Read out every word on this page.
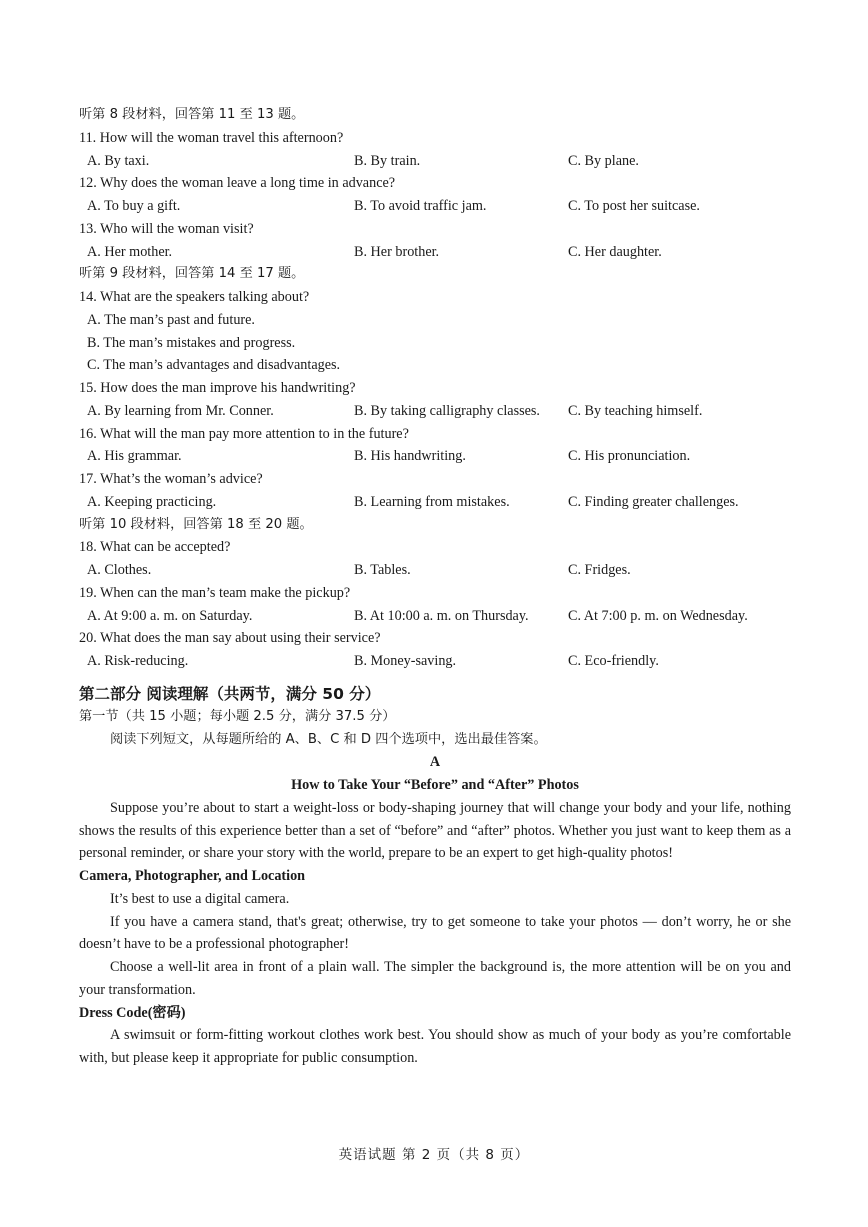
听第 8 段材料，回答第 11 至 13 题。
11. How will the woman travel this afternoon?
A. By taxi.	B. By train.	C. By plane.
12. Why does the woman leave a long time in advance?
A. To buy a gift.	B. To avoid traffic jam.	C. To post her suitcase.
13. Who will the woman visit?
A. Her mother.	B. Her brother.	C. Her daughter.
听第 9 段材料，回答第 14 至 17 题。
14. What are the speakers talking about?
A. The man’s past and future.
B. The man’s mistakes and progress.
C. The man’s advantages and disadvantages.
15. How does the man improve his handwriting?
A. By learning from Mr. Conner.	B. By taking calligraphy classes.	C. By teaching himself.
16. What will the man pay more attention to in the future?
A. His grammar.	B. His handwriting.	C. His pronunciation.
17. What’s the woman’s advice?
A. Keeping practicing.	B. Learning from mistakes.	C. Finding greater challenges.
听第 10 段材料，回答第 18 至 20 题。
18. What can be accepted?
A. Clothes.	B. Tables.	C. Fridges.
19. When can the man’s team make the pickup?
A. At 9:00 a. m. on Saturday.	B. At 10:00 a. m. on Thursday.	C. At 7:00 p. m. on Wednesday.
20. What does the man say about using their service?
A. Risk-reducing.	B. Money-saving.	C. Eco-friendly.
第二部分 阅读理解（共两节，满分 50 分）
第一节（共 15 小题；每小题 2.5 分，满分 37.5 分）
阅读下列短文，从每题所给的 A、B、C 和 D 四个选项中，选出最佳答案。
A
How to Take Your “Before” and “After” Photos
Suppose you’re about to start a weight-loss or body-shaping journey that will change your body and your life, nothing shows the results of this experience better than a set of “before” and “after” photos. Whether you just want to keep them as a personal reminder, or share your story with the world, prepare to be an expert to get high-quality photos!
Camera, Photographer, and Location
It’s best to use a digital camera.
If you have a camera stand, that's great; otherwise, try to get someone to take your photos — don’t worry, he or she doesn’t have to be a professional photographer!
Choose a well-lit area in front of a plain wall. The simpler the background is, the more attention will be on you and your transformation.
Dress Code(密码)
A swimsuit or form-fitting workout clothes work best. You should show as much of your body as you’re comfortable with, but please keep it appropriate for public consumption.
英语试题 第 2 页（共 8 页）
